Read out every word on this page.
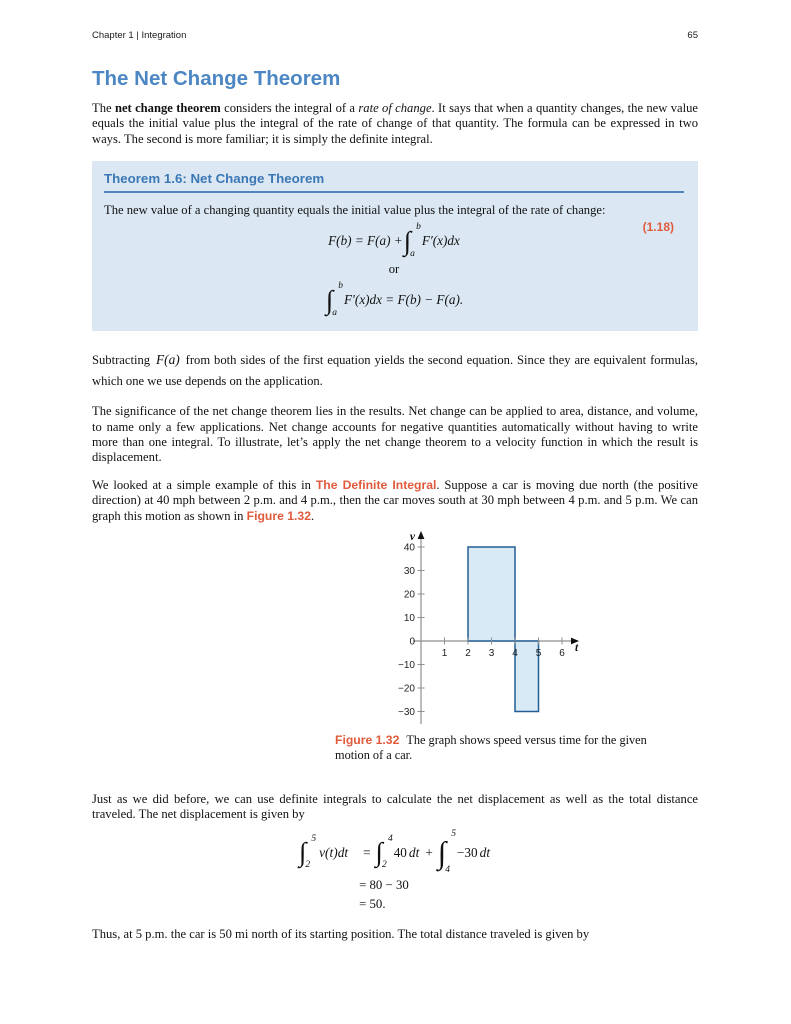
Chapter 1 | Integration	65
The Net Change Theorem

The net change theorem considers the integral of a rate of change. It says that when a quantity changes, the new value equals the initial value plus the integral of the rate of change of that quantity. The formula can be expressed in two ways. The second is more familiar; it is simply the definite integral.

Theorem 1.6: Net Change Theorem

The new value of a changing quantity equals the initial value plus the integral of the rate of change:

F(b) = F(a) + ∫ b
a
F′(x)dx
(1.18)
or
∫ b
a
F′(x)dx = F(b) − F(a).

Subtracting F(a) from both sides of the first equation yields the second equation. Since they are equivalent formulas, which one we use depends on the application.

The significance of the net change theorem lies in the results. Net change can be applied to area, distance, and volume, to name only a few applications. Net change accounts for negative quantities automatically without having to write more than one integral. To illustrate, let’s apply the net change theorem to a velocity function in which the result is displacement.

We looked at a simple example of this in The Definite Integral. Suppose a car is moving due north (the positive direction) at 40 mph between 2 p.m. and 4 p.m., then the car moves south at 30 mph between 4 p.m. and 5 p.m. We can graph this motion as shown in Figure 1.32.

40
30
20
10
0
−10
−20
−30
1 2 3 4 5 6
v
t
Figure 1.32 The graph shows speed versus time for the given motion of a car.

Just as we did before, we can use definite integrals to calculate the net displacement as well as the total distance traveled. The net displacement is given by

∫ 5
2
v(t)dt	= ∫ 4
2
40 dt + ∫
5
4
−30 dt
= 80 − 30
= 50.

Thus, at 5 p.m. the car is 50 mi north of its starting position. The total distance traveled is given by
